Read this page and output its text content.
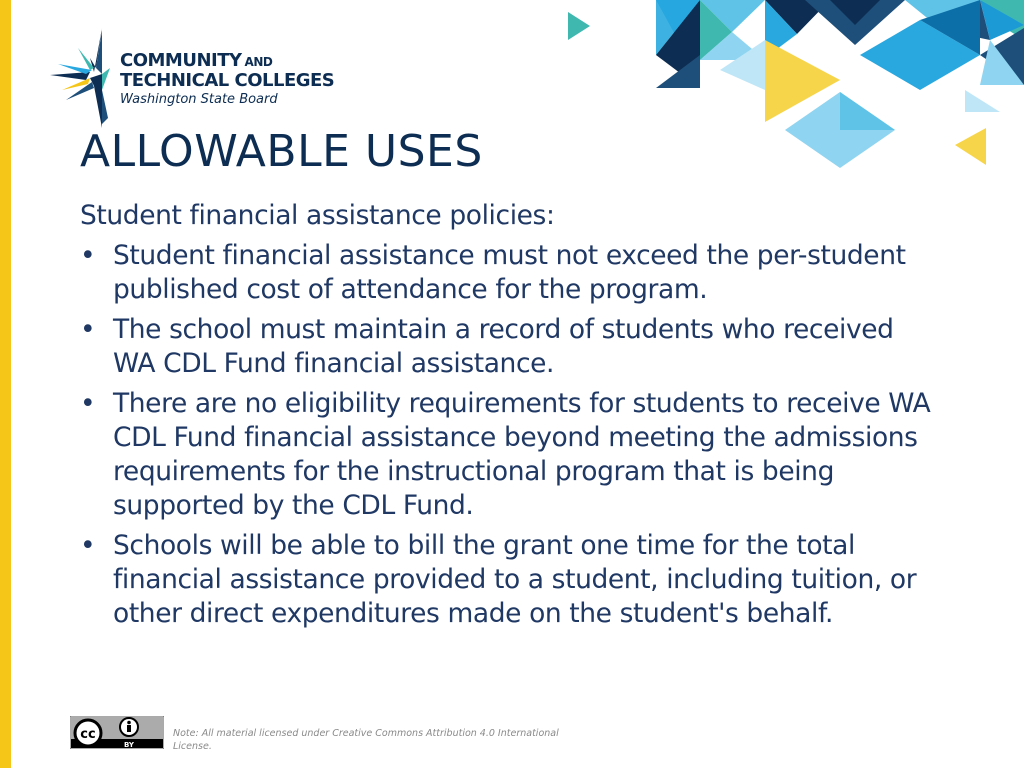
COMMUNITY AND
TECHNICAL COLLEGES
Washington State Board
ALLOWABLE USES

Student financial assistance policies:

• Student financial assistance must not exceed the per-student published cost of attendance for the program.
• The school must maintain a record of students who received WA CDL Fund financial assistance.
• There are no eligibility requirements for students to receive WA CDL Fund financial assistance beyond meeting the admissions requirements for the instructional program that is being supported by the CDL Fund.
• Schools will be able to bill the grant one time for the total financial assistance provided to a student, including tuition, or other direct expenditures made on the student's behalf.
cc
BY
Note: All material licensed under Creative Commons Attribution 4.0 International License.
